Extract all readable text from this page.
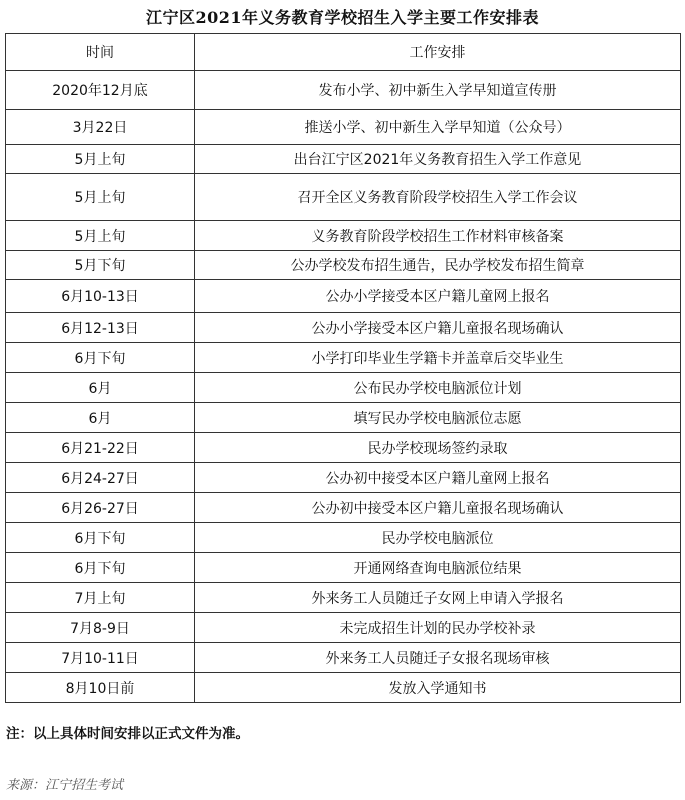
江宁区2021年义务教育学校招生入学主要工作安排表
时间	工作安排
2020年12月底	发布小学、初中新生入学早知道宣传册
3月22日	推送小学、初中新生入学早知道（公众号）
5月上旬	出台江宁区2021年义务教育招生入学工作意见
5月上旬	召开全区义务教育阶段学校招生入学工作会议
5月上旬	义务教育阶段学校招生工作材料审核备案
5月下旬	公办学校发布招生通告，民办学校发布招生简章
6月10-13日	公办小学接受本区户籍儿童网上报名
6月12-13日	公办小学接受本区户籍儿童报名现场确认
6月下旬	小学打印毕业生学籍卡并盖章后交毕业生
6月	公布民办学校电脑派位计划
6月	填写民办学校电脑派位志愿
6月21-22日	民办学校现场签约录取
6月24-27日	公办初中接受本区户籍儿童网上报名
6月26-27日	公办初中接受本区户籍儿童报名现场确认
6月下旬	民办学校电脑派位
6月下旬	开通网络查询电脑派位结果
7月上旬	外来务工人员随迁子女网上申请入学报名
7月8-9日	未完成招生计划的民办学校补录
7月10-11日	外来务工人员随迁子女报名现场审核
8月10日前	发放入学通知书
注：以上具体时间安排以正式文件为准。
来源：江宁招生考试
